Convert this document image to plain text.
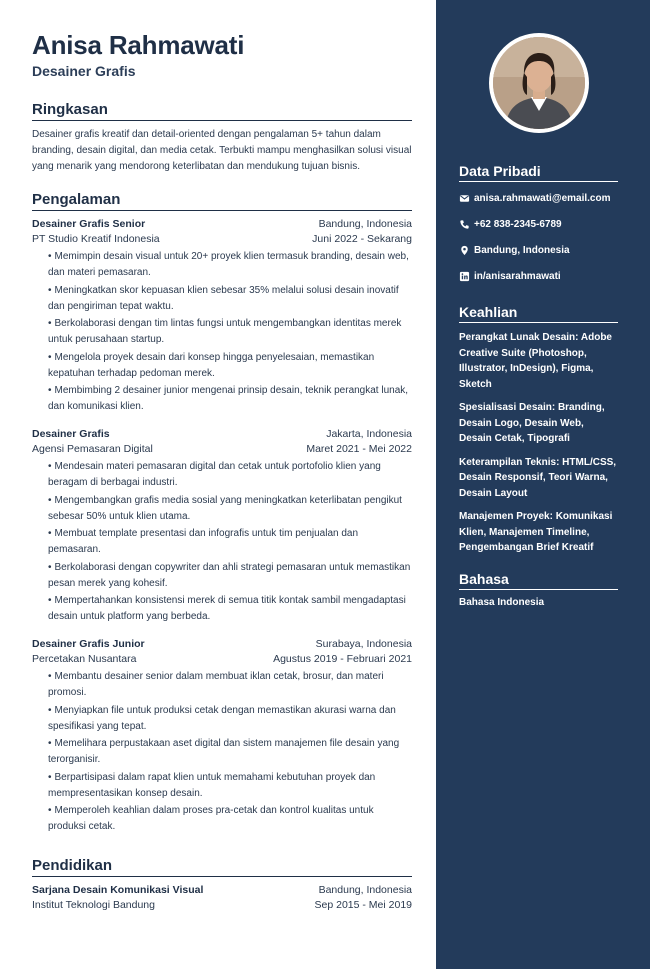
Anisa Rahmawati
Desainer Grafis
Ringkasan
Desainer grafis kreatif dan detail-oriented dengan pengalaman 5+ tahun dalam branding, desain digital, dan media cetak. Terbukti mampu menghasilkan solusi visual yang menarik yang mendorong keterlibatan dan mendukung tujuan bisnis.
Pengalaman
Desainer Grafis Senior	Bandung, Indonesia
PT Studio Kreatif Indonesia	Juni 2022 - Sekarang
• Memimpin desain visual untuk 20+ proyek klien termasuk branding, desain web, dan materi pemasaran.
• Meningkatkan skor kepuasan klien sebesar 35% melalui solusi desain inovatif dan pengiriman tepat waktu.
• Berkolaborasi dengan tim lintas fungsi untuk mengembangkan identitas merek untuk perusahaan startup.
• Mengelola proyek desain dari konsep hingga penyelesaian, memastikan kepatuhan terhadap pedoman merek.
• Membimbing 2 desainer junior mengenai prinsip desain, teknik perangkat lunak, dan komunikasi klien.
Desainer Grafis	Jakarta, Indonesia
Agensi Pemasaran Digital	Maret 2021 - Mei 2022
• Mendesain materi pemasaran digital dan cetak untuk portofolio klien yang beragam di berbagai industri.
• Mengembangkan grafis media sosial yang meningkatkan keterlibatan pengikut sebesar 50% untuk klien utama.
• Membuat template presentasi dan infografis untuk tim penjualan dan pemasaran.
• Berkolaborasi dengan copywriter dan ahli strategi pemasaran untuk memastikan pesan merek yang kohesif.
• Mempertahankan konsistensi merek di semua titik kontak sambil mengadaptasi desain untuk platform yang berbeda.
Desainer Grafis Junior	Surabaya, Indonesia
Percetakan Nusantara	Agustus 2019 - Februari 2021
• Membantu desainer senior dalam membuat iklan cetak, brosur, dan materi promosi.
• Menyiapkan file untuk produksi cetak dengan memastikan akurasi warna dan spesifikasi yang tepat.
• Memelihara perpustakaan aset digital dan sistem manajemen file desain yang terorganisir.
• Berpartisipasi dalam rapat klien untuk memahami kebutuhan proyek dan mempresentasikan konsep desain.
• Memperoleh keahlian dalam proses pra-cetak dan kontrol kualitas untuk produksi cetak.
Pendidikan
Sarjana Desain Komunikasi Visual	Bandung, Indonesia
Institut Teknologi Bandung	Sep 2015 - Mei 2019
Data Pribadi
anisa.rahmawati@email.com
+62 838-2345-6789
Bandung, Indonesia
in/anisarahmawati
Keahlian
Perangkat Lunak Desain: Adobe Creative Suite (Photoshop, Illustrator, InDesign), Figma, Sketch
Spesialisasi Desain: Branding, Desain Logo, Desain Web, Desain Cetak, Tipografi
Keterampilan Teknis: HTML/CSS, Desain Responsif, Teori Warna, Desain Layout
Manajemen Proyek: Komunikasi Klien, Manajemen Timeline, Pengembangan Brief Kreatif
Bahasa
Bahasa Indonesia
